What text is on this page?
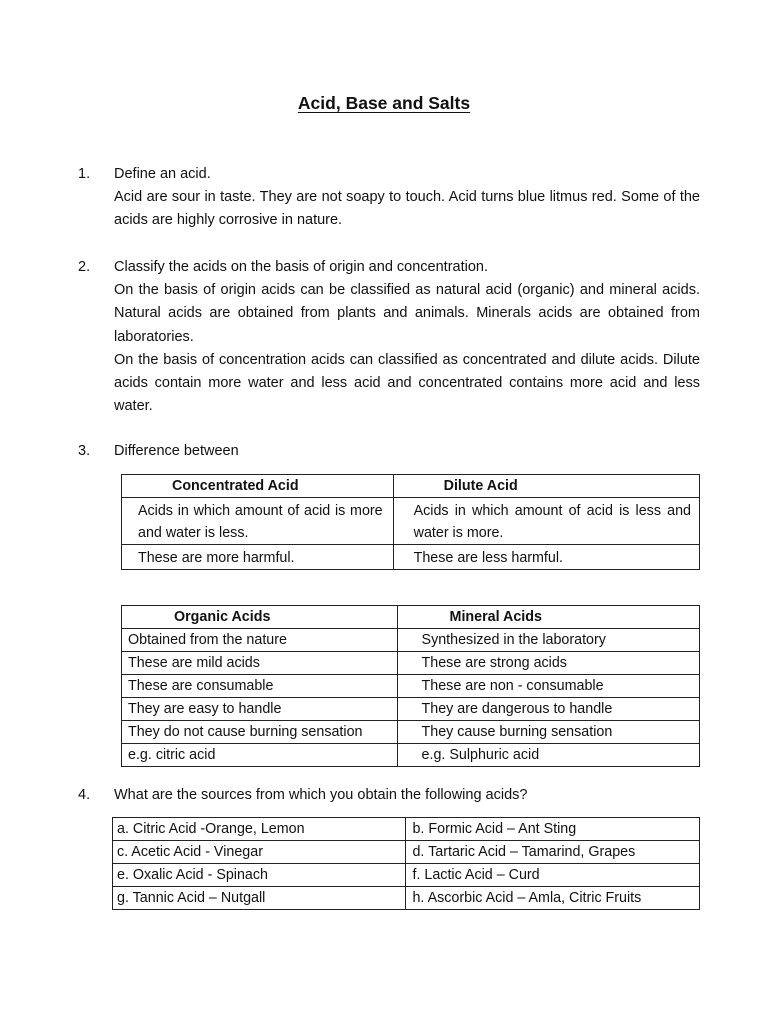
Acid, Base and Salts
1.	Define an acid.

Acid are sour in taste. They are not soapy to touch. Acid turns blue litmus red. Some of the acids are highly corrosive in nature.

2.	Classify the acids on the basis of origin and concentration.

On the basis of origin acids can be classified as natural acid (organic) and mineral acids. Natural acids are obtained from plants and animals. Minerals acids are obtained from laboratories.

On the basis of concentration acids can classified as concentrated and dilute acids. Dilute acids contain more water and less acid and concentrated contains more acid and less water.

3.	Difference between

Concentrated Acid	Dilute Acid
Acids in which amount of acid is more and water is less.	Acids in which amount of acid is less and water is more.
These are more harmful.	These are less harmful.
Organic Acids	Mineral Acids
Obtained from the nature	Synthesized in the laboratory
These are mild acids	These are strong acids
These are consumable	These are non - consumable
They are easy to handle	They are dangerous to handle
They do not cause burning sensation	They cause burning sensation
e.g. citric acid	e.g. Sulphuric acid
4.	What are the sources from which you obtain the following acids?

a. Citric Acid -Orange, Lemon	b. Formic Acid – Ant Sting
c. Acetic Acid - Vinegar	d. Tartaric Acid – Tamarind, Grapes
e. Oxalic Acid - Spinach	f. Lactic Acid – Curd
g. Tannic Acid – Nutgall	h. Ascorbic Acid – Amla, Citric Fruits
